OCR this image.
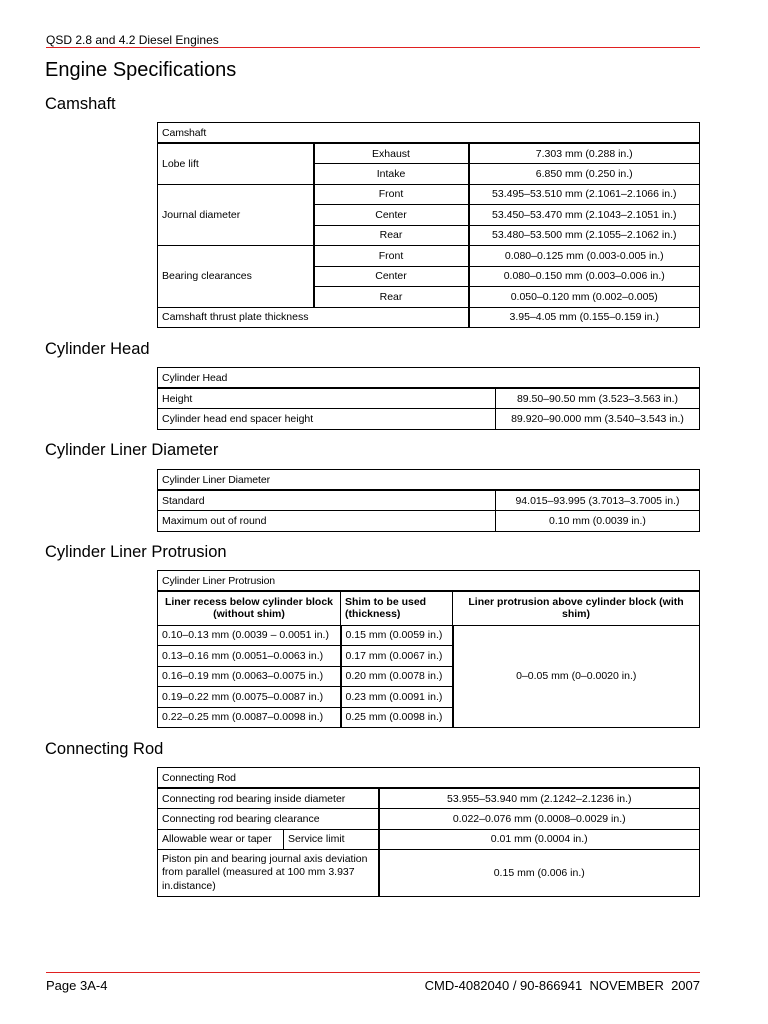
QSD 2.8 and 4.2 Diesel Engines
Engine Specifications
Camshaft
Camshaft		
Lobe lift	Exhaust	7.303 mm (0.288 in.)
	Intake	6.850 mm (0.250 in.)
Journal diameter	Front	53.495–53.510 mm (2.1061–2.1066 in.)
	Center	53.450–53.470 mm (2.1043–2.1051 in.)
	Rear	53.480–53.500 mm (2.1055–2.1062 in.)
Bearing clearances	Front	0.080–0.125 mm (0.003-0.005 in.)
	Center	0.080–0.150 mm (0.003–0.006 in.)
	Rear	0.050–0.120 mm (0.002–0.005)
Camshaft thrust plate thickness		3.95–4.05 mm (0.155–0.159 in.)
Cylinder Head
Cylinder Head	
Height	89.50–90.50 mm (3.523–3.563 in.)
Cylinder head end spacer height	89.920–90.000 mm (3.540–3.543 in.)
Cylinder Liner Diameter
Cylinder Liner Diameter	
Standard	94.015–93.995 (3.7013–3.7005 in.)
Maximum out of round	0.10 mm (0.0039 in.)
Cylinder Liner Protrusion
Cylinder Liner Protrusion		
Liner recess below cylinder block (without shim)	Shim to be used (thickness)	Liner protrusion above cylinder block (with shim)
0.10–0.13 mm (0.0039 – 0.0051 in.)	0.15 mm (0.0059 in.)	0–0.05 mm (0–0.0020 in.)
0.13–0.16 mm (0.0051–0.0063 in.)	0.17 mm (0.0067 in.)	
0.16–0.19 mm (0.0063–0.0075 in.)	0.20 mm (0.0078 in.)	
0.19–0.22 mm (0.0075–0.0087 in.)	0.23 mm (0.0091 in.)	
0.22–0.25 mm (0.0087–0.0098 in.)	0.25 mm (0.0098 in.)	
Connecting Rod
Connecting Rod		
Connecting rod bearing inside diameter		53.955–53.940 mm (2.1242–2.1236 in.)
Connecting rod bearing clearance		0.022–0.076 mm (0.0008–0.0029 in.)
Allowable wear or taper	Service limit	0.01 mm (0.0004 in.)
Piston pin and bearing journal axis deviation from parallel (measured at 100 mm 3.937 in.distance)		0.15 mm (0.006 in.)
Page 3A-4	CMD-4082040 / 90-866941  NOVEMBER  2007
